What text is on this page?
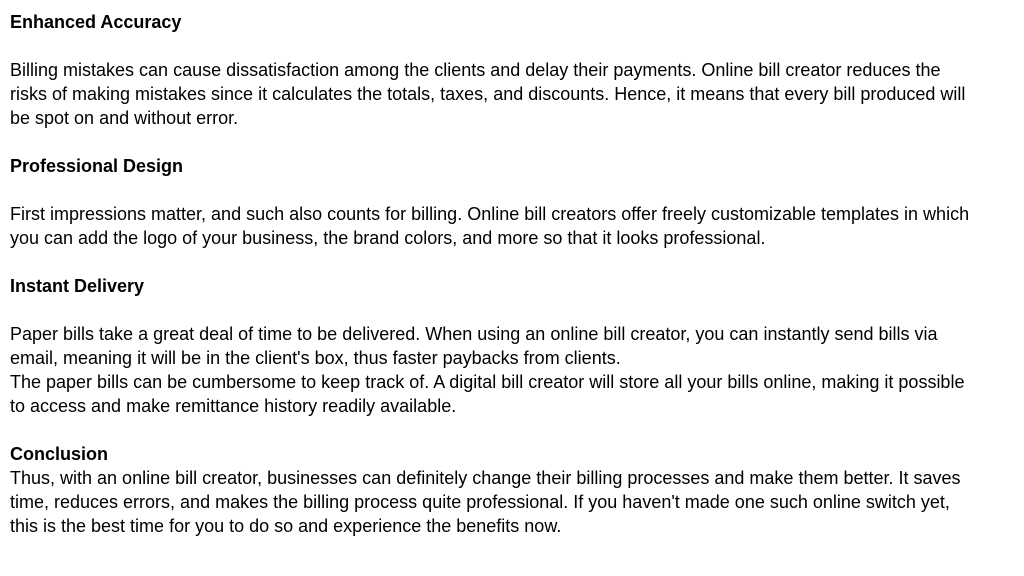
Enhanced Accuracy

Billing mistakes can cause dissatisfaction among the clients and delay their payments. Online bill creator reduces the risks of making mistakes since it calculates the totals, taxes, and discounts. Hence, it means that every bill produced will be spot on and without error.

Professional Design

First impressions matter, and such also counts for billing. Online bill creators offer freely customizable templates in which you can add the logo of your business, the brand colors, and more so that it looks professional.

Instant Delivery

Paper bills take a great deal of time to be delivered. When using an online bill creator, you can instantly send bills via email, meaning it will be in the client's box, thus faster paybacks from clients.

The paper bills can be cumbersome to keep track of. A digital bill creator will store all your bills online, making it possible to access and make remittance history readily available.

Conclusion

Thus, with an online bill creator, businesses can definitely change their billing processes and make them better. It saves time, reduces errors, and makes the billing process quite professional. If you haven't made one such online switch yet, this is the best time for you to do so and experience the benefits now.
